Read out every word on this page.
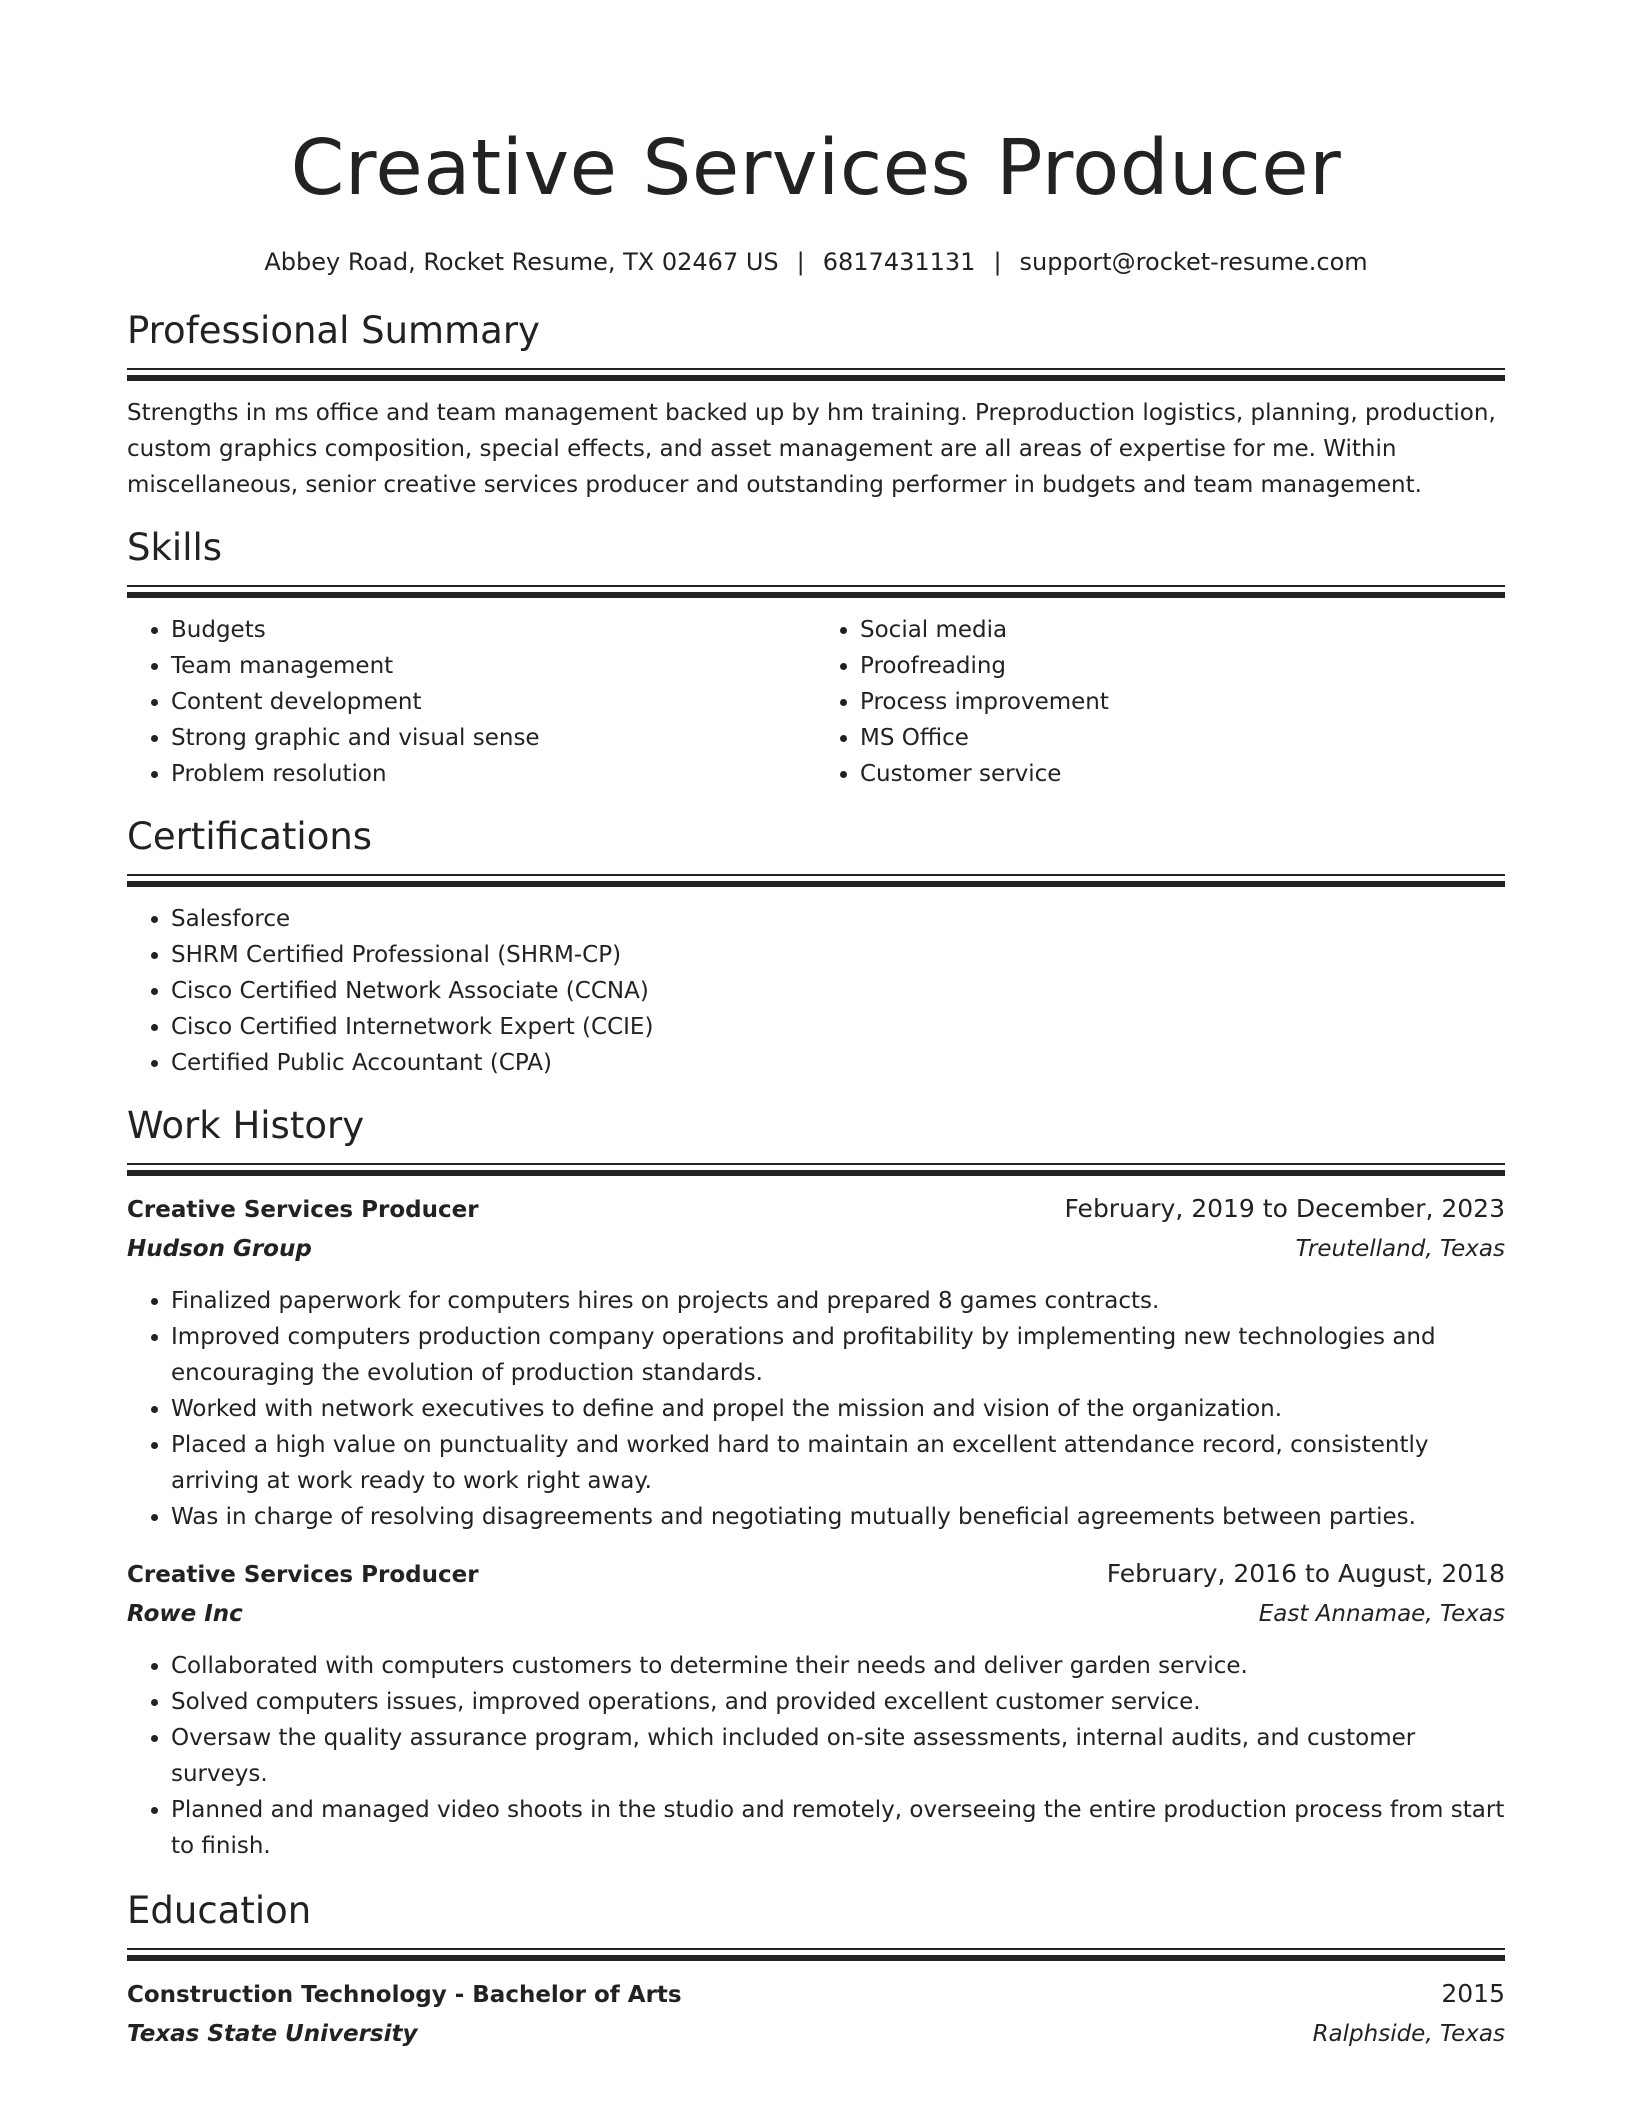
Creative Services Producer
Abbey Road, Rocket Resume, TX 02467 US | 6817431131 | support@rocket-resume.com
Professional Summary

Strengths in ms office and team management backed up by hm training. Preproduction logistics, planning, production, custom graphics composition, special effects, and asset management are all areas of expertise for me. Within miscellaneous, senior creative services producer and outstanding performer in budgets and team management.

Skills
• Budgets
• Team management
• Content development
• Strong graphic and visual sense
• Problem resolution
• Social media
• Proofreading
• Process improvement
• MS Office
• Customer service
Certifications
• Salesforce
• SHRM Certified Professional (SHRM-CP)
• Cisco Certified Network Associate (CCNA)
• Cisco Certified Internetwork Expert (CCIE)
• Certified Public Accountant (CPA)
Work History
Creative Services Producer	February, 2019 to December, 2023
Hudson Group	Treutelland, Texas
• Finalized paperwork for computers hires on projects and prepared 8 games contracts.
• Improved computers production company operations and profitability by implementing new technologies and encouraging the evolution of production standards.
• Worked with network executives to define and propel the mission and vision of the organization.
• Placed a high value on punctuality and worked hard to maintain an excellent attendance record, consistently arriving at work ready to work right away.
• Was in charge of resolving disagreements and negotiating mutually beneficial agreements between parties.
Creative Services Producer	February, 2016 to August, 2018
Rowe Inc	East Annamae, Texas
• Collaborated with computers customers to determine their needs and deliver garden service.
• Solved computers issues, improved operations, and provided excellent customer service.
• Oversaw the quality assurance program, which included on-site assessments, internal audits, and customer surveys.
• Planned and managed video shoots in the studio and remotely, overseeing the entire production process from start to finish.
Education
Construction Technology - Bachelor of Arts	2015
Texas State University	Ralphside, Texas
